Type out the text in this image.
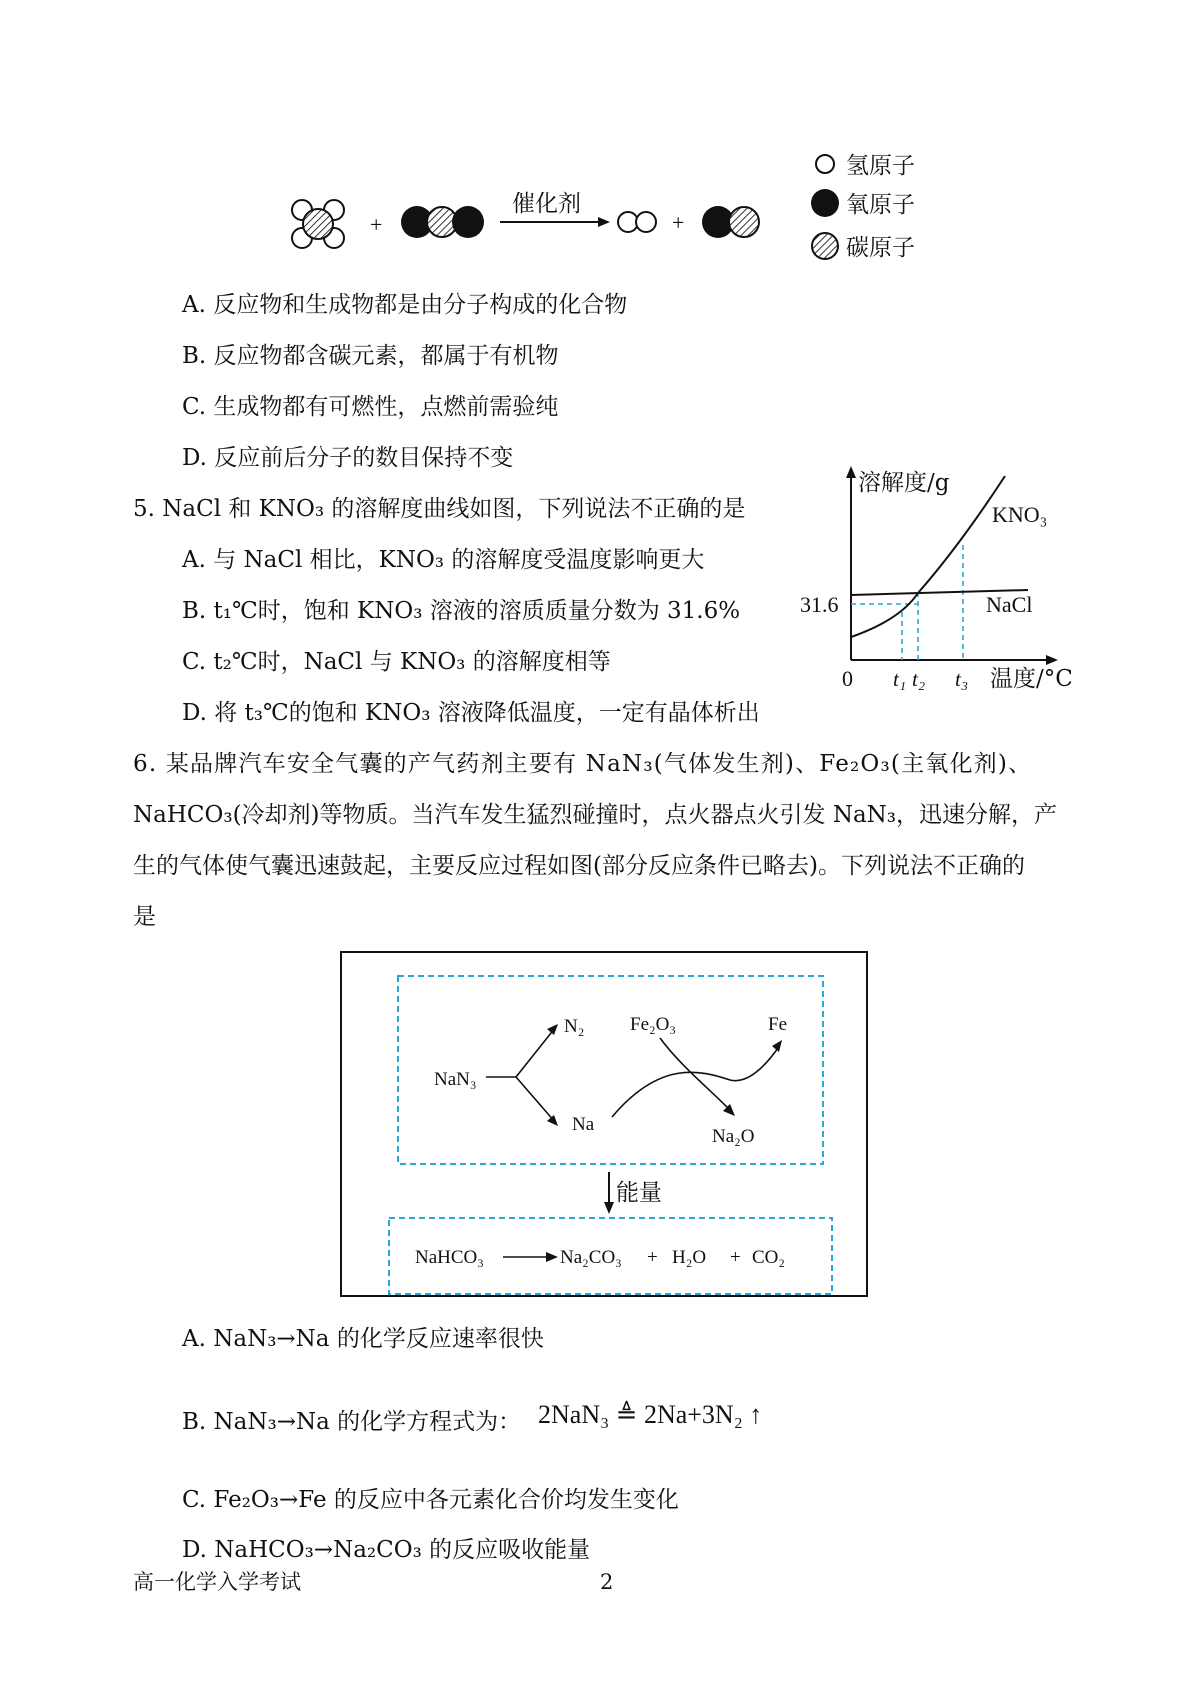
+
催化剂
+
氢原子
氧原子
碳原子
A. 反应物和生成物都是由分子构成的化合物
B. 反应物都含碳元素，都属于有机物
C. 生成物都有可燃性，点燃前需验纯
D. 反应前后分子的数目保持不变
5. NaCl 和 KNO₃ 的溶解度曲线如图，下列说法不正确的是
A. 与 NaCl 相比，KNO₃ 的溶解度受温度影响更大
B. t₁℃时，饱和 KNO₃ 溶液的溶质质量分数为 31.6%
C. t₂℃时，NaCl 与 KNO₃ 的溶解度相等
D. 将 t₃℃的饱和 KNO₃ 溶液降低温度，一定有晶体析出
溶解度/g
温度/°C
0
31.6
KNO₃
NaCl
t₁ t₂ t₃
6. 某品牌汽车安全气囊的产气药剂主要有 NaN₃(气体发生剂)、Fe₂O₃(主氧化剂)、
NaHCO₃(冷却剂)等物质。当汽车发生猛烈碰撞时，点火器点火引发 NaN₃，迅速分解，产
生的气体使气囊迅速鼓起，主要反应过程如图(部分反应条件已略去)。下列说法不正确的
是
NaN₃
N₂
Na
Fe₂O₃	Fe
Na₂O
能量
NaHCO₃	Na₂CO₃ + H₂O + CO₂
A. NaN₃→Na 的化学反应速率很快
B. NaN₃→Na 的化学方程式为： 2NaN₃ ≜ 2Na+3N₂ ↑
C. Fe₂O₃→Fe 的反应中各元素化合价均发生变化
D. NaHCO₃→Na₂CO₃ 的反应吸收能量
高一化学入学考试	2
